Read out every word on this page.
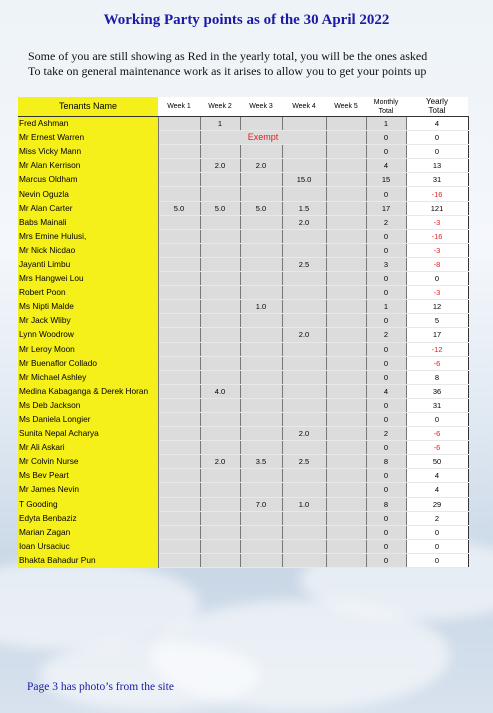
Working Party points as of the 30 April 2022
Some of you are still showing as Red in the yearly total, you will be the ones asked
To take on general maintenance work as it arises to allow you to get your points up
Tenants Name	Week 1	Week 2	Week 3	Week 4	Week 5	Monthly Total	Yearly Total
Fred Ashman		1				1	4
Mr Ernest Warren		Exempt				0	0
Miss Vicky Mann						0	0
Mr Alan Kerrison		2.0	2.0			4	13
Marcus Oldham				15.0		15	31
Nevin Oguzla						0	-16
Mr Alan Carter	5.0	5.0	5.0	1.5		17	121
Babs Mainali				2.0		2	-3
Mrs Emine Hulusi,						0	-16
Mr Nick Nicdao						0	-3
Jayanti Limbu				2.5		3	-8
Mrs Hangwei Lou						0	0
Robert Poon						0	-3
Ms Nipti Malde			1.0			1	12
Mr Jack Wliby						0	5
Lynn Woodrow				2.0		2	17
Mr Leroy Moon						0	-12
Mr Buenaflor Collado						0	-6
Mr Michael Ashley						0	8
Medina Kabaganga & Derek Horan		4.0				4	36
Ms Deb Jackson						0	31
Ms Daniela Longier						0	0
Sunita Nepal Acharya				2.0		2	-6
Mr Ali Askari						0	-6
Mr Colvin Nurse		2.0	3.5	2.5		8	50
Ms Bev Peart						0	4
Mr James Nevin						0	4
T Gooding			7.0	1.0		8	29
Edyta Benbaziz						0	2
Marian Zagan						0	0
Ioan Ursaciuc						0	0
Bhakta Bahadur Pun						0	0
Page 3 has photo’s from the site
